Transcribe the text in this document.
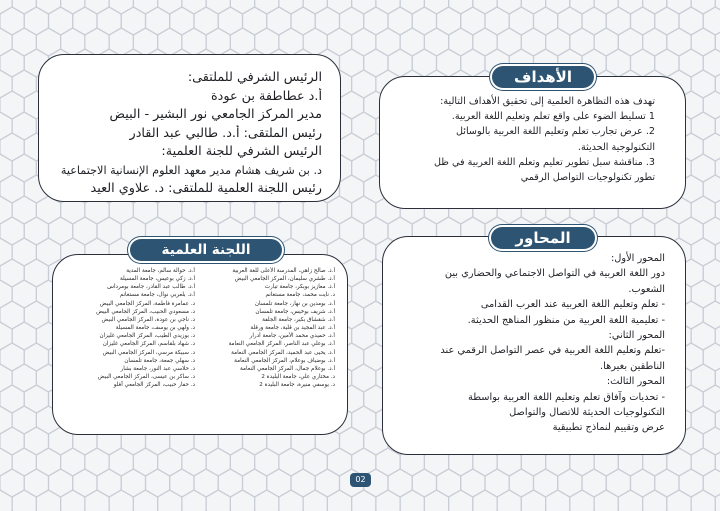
الرئيس الشرفي للملتقى:
أ.د عطاطفة بن عودة
مدير المركز الجامعي نور البشير - البيض
رئيس الملتقى: أ.د. طالبي عبد القادر
الرئيس الشرفي للجنة العلمية:
د. بن شريف هشام مدير معهد العلوم الإنسانية الاجتماعية
رئيس اللجنة العلمية للملتقى: د. علاوي العيد
تهدف هذه التظاهرة العلمية إلى تحقيق الأهداف التالية:
1 تسليط الضوء على واقع تعلم وتعليم اللغة العربية.
2. عرض تجارب تعلم وتعليم اللغة العربية بالوسائل
التكنولوجية الحديثة.
3. مناقشة سبل تطوير تعليم وتعلم اللغة العربية في ظل
تطور تكنولوجيات التواصل الرقمي
الأهداف
المحور الأول:
دور اللغة العربية في التواصل الاجتماعي والحضاري بين
الشعوب.
- تعلم وتعليم اللغة العربية عند العرب القدامى
- تعليمية اللغة العربية من منظور المناهج الحديثة.
المحور الثاني:
-تعلم وتعليم اللغة العربية في عصر التواصل الرقمي عند
الناطقين بغيرها.
المحور الثالث:
- تحديات وآفاق تعلم وتعليم اللغة العربية بواسطة
التكنولوجيات الحديثة للاتصال والتواصل
عرض وتقييم لنماذج تطبيقية
المحاور
أ.د. صالح زاهي، المدرسة الأعلى للغة العربية
أ.د. طشري سليمان، المركز الجامعي البيض
أ.د. معازيز بوبكر، جامعة تيارت
د. نايت محمد، جامعة مستغانم
أ.د. بومدين بن نهار، جامعة تلمسان
أ.د. شريف بوخيس، جامعة تلمسان
أ.د. شقشاق بكير، جامعة الجلفة
أ.د. عبد المجيد بن قلية، جامعة ورقلة
أ.د. حميدي محمد الأمين، جامعة أدرار
أ.د. بوعلي عبد الناصر، المركز الجامعي النعامة
أ.د. يحيى عبد الحميد، المركز الجامعي النعامة
أ.د. بوضياف بوعلام، المركز الجامعي النعامة
أ.د. بوعلام جمال، المركز الجامعي النعامة
د. مختاري علي، جامعة البليدة 2
د. يوسفي منيرة، جامعة البليدة 2
أ.د. حوالة سالم، جامعة المدية
أ.د. زكي بوعيس، جامعة المسيلة
أ.د. طالب عبد القادر، جامعة بومرداس
أ.د. بلعربي نوال، جامعة مستغانم
د. عمامرة فاطمة، المركز الجامعي البيض
د. مسعودي الحبيب، المركز الجامعي البيض
د. ناجي بن عودة، المركز الجامعي البيض
د. ولهي بن يوسف، جامعة المسيلة
د. بوزيدي الطيب، المركز الجامعي غليزان
د. شهاد بلقاسم، المركز الجامعي غليزان
د. سبيكة مرسي، المركز الجامعي البيض
د. سهلي جمعة، جامعة تلمسان
د. حلاسي عبد النور، جامعة بشار
د. ساكر بن عيسى، المركز الجامعي البيض
د. حفار حبيب، المركز الجامعي آفلو
اللجنة العلمية
02
